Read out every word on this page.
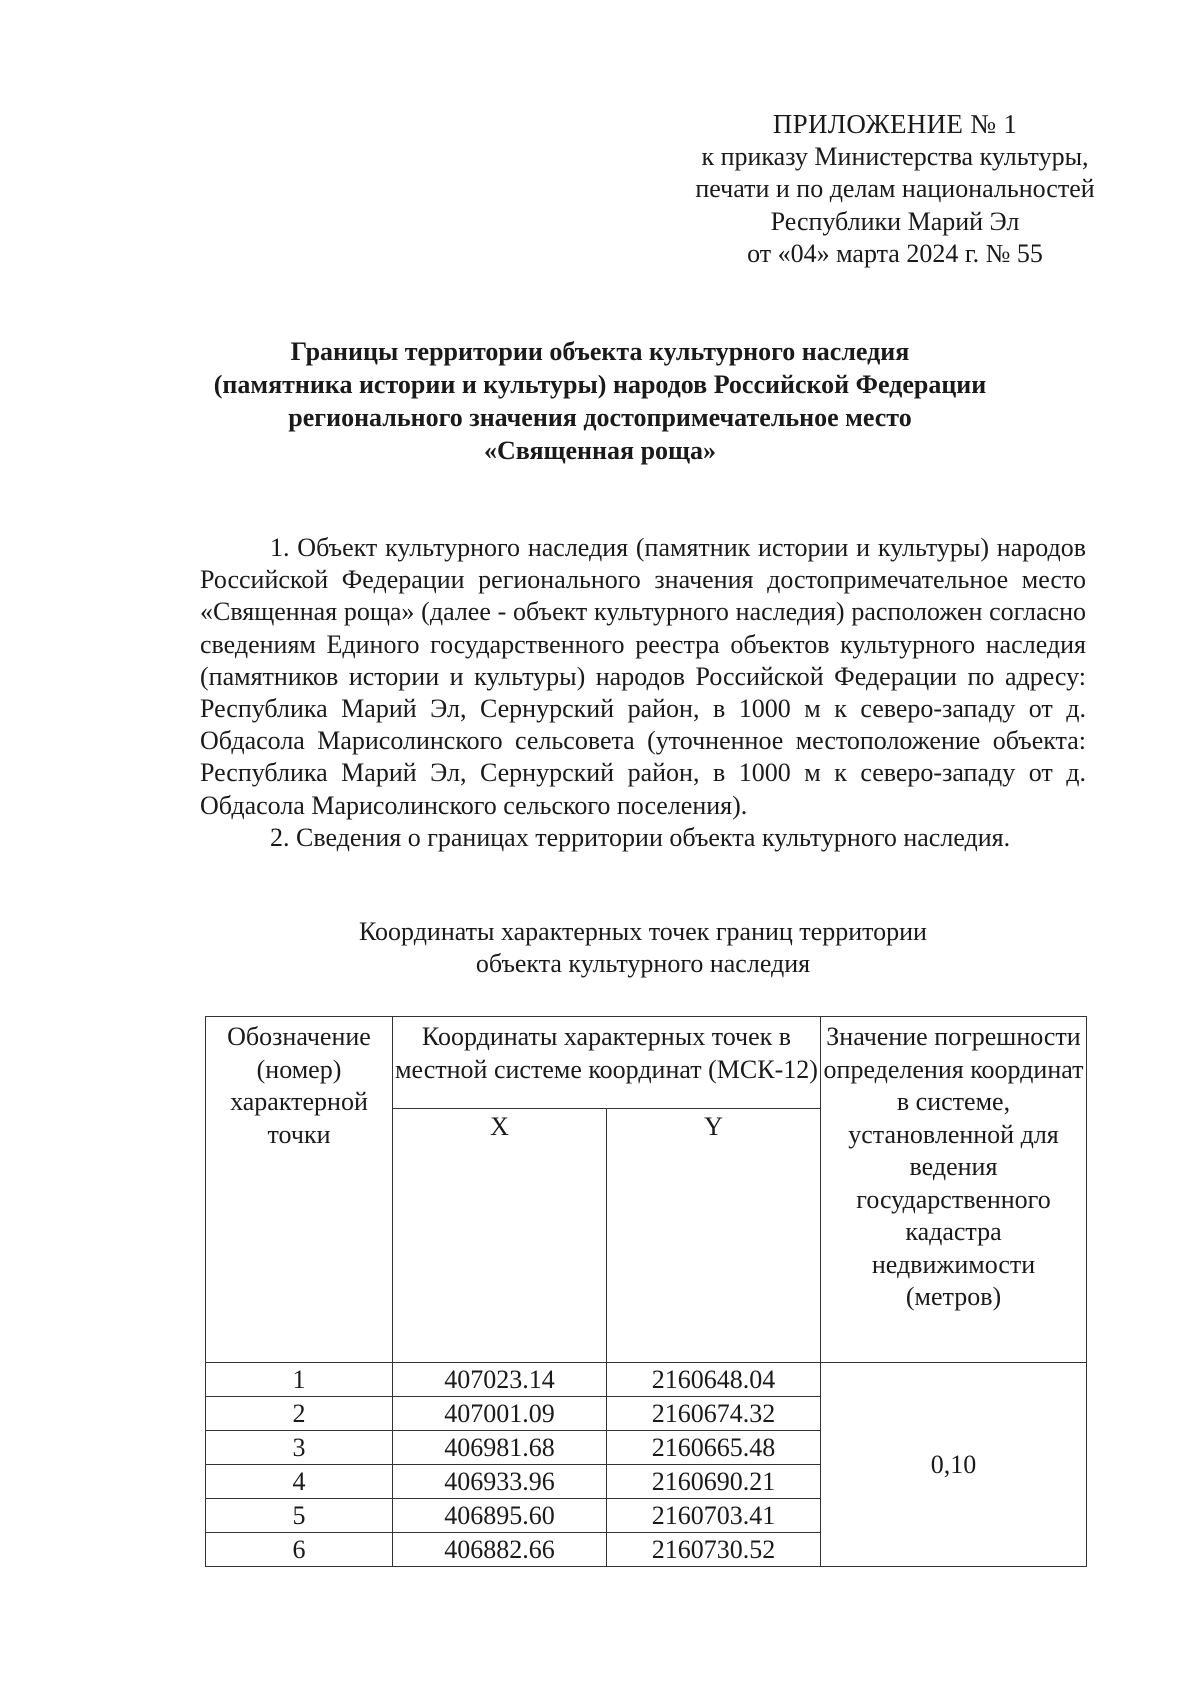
ПРИЛОЖЕНИЕ № 1
к приказу Министерства культуры,
печати и по делам национальностей
Республики Марий Эл
от «04» марта 2024 г. № 55
Границы территории объекта культурного наследия
(памятника истории и культуры) народов Российской Федерации
регионального значения достопримечательное место
«Священная роща»

1. Объект культурного наследия (памятник истории и культуры) народов Российской Федерации регионального значения достопримечательное место «Священная роща» (далее - объект культурного наследия) расположен согласно сведениям Единого государственного реестра объектов культурного наследия (памятников истории и культуры) народов Российской Федерации по адресу: Республика Марий Эл, Сернурский район, в 1000 м к северо-западу от д. Обдасола Марисолинского сельсовета (уточненное местоположение объекта: Республика Марий Эл, Сернурский район, в 1000 м к северо-западу от д. Обдасола Марисолинского сельского поселения).

2. Сведения о границах территории объекта культурного наследия.

Координаты характерных точек границ территории
объекта культурного наследия
Обозначение (номер) характерной точки	Координаты характерных точек в местной системе координат (МСК-12)		Значение погрешности определения координат в системе, установленной для ведения государственного кадастра недвижимости (метров)
	X	Y	
1	407023.14	2160648.04	0,10
2	407001.09	2160674.32	
3	406981.68	2160665.48	
4	406933.96	2160690.21	
5	406895.60	2160703.41	
6	406882.66	2160730.52	
